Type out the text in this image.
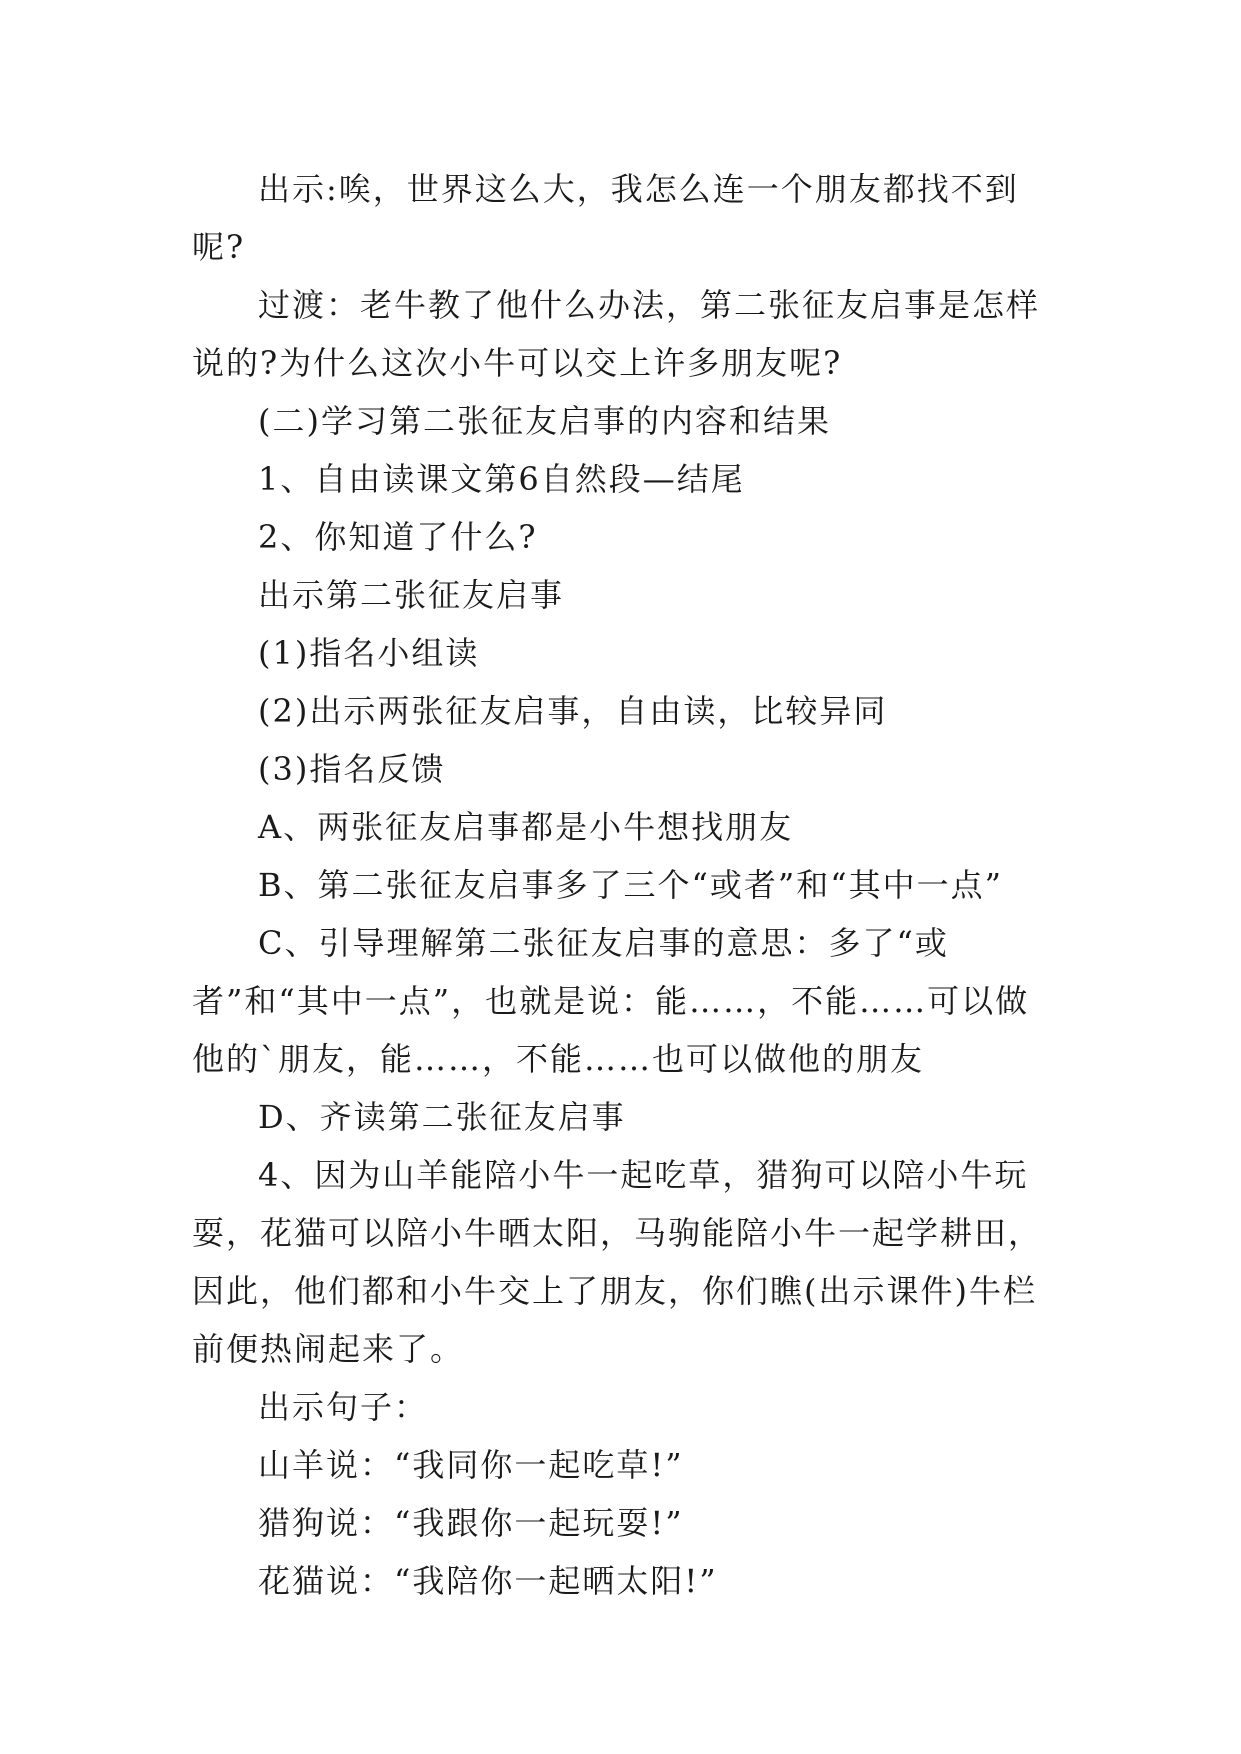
出示:唉，世界这么大，我怎么连一个朋友都找不到呢?

过渡：老牛教了他什么办法，第二张征友启事是怎样说的?为什么这次小牛可以交上许多朋友呢?

(二)学习第二张征友启事的内容和结果

1、自由读课文第6自然段—结尾

2、你知道了什么?

出示第二张征友启事

(1)指名小组读

(2)出示两张征友启事，自由读，比较异同

(3)指名反馈

A、两张征友启事都是小牛想找朋友

B、第二张征友启事多了三个“或者”和“其中一点”

C、引导理解第二张征友启事的意思：多了“或者”和“其中一点”，也就是说：能……，不能……可以做他的`朋友，能……，不能……也可以做他的朋友

D、齐读第二张征友启事

4、因为山羊能陪小牛一起吃草，猎狗可以陪小牛玩耍，花猫可以陪小牛晒太阳，马驹能陪小牛一起学耕田，因此，他们都和小牛交上了朋友，你们瞧(出示课件)牛栏前便热闹起来了。

出示句子：

山羊说：“我同你一起吃草!”

猎狗说：“我跟你一起玩耍!”

花猫说：“我陪你一起晒太阳!”
